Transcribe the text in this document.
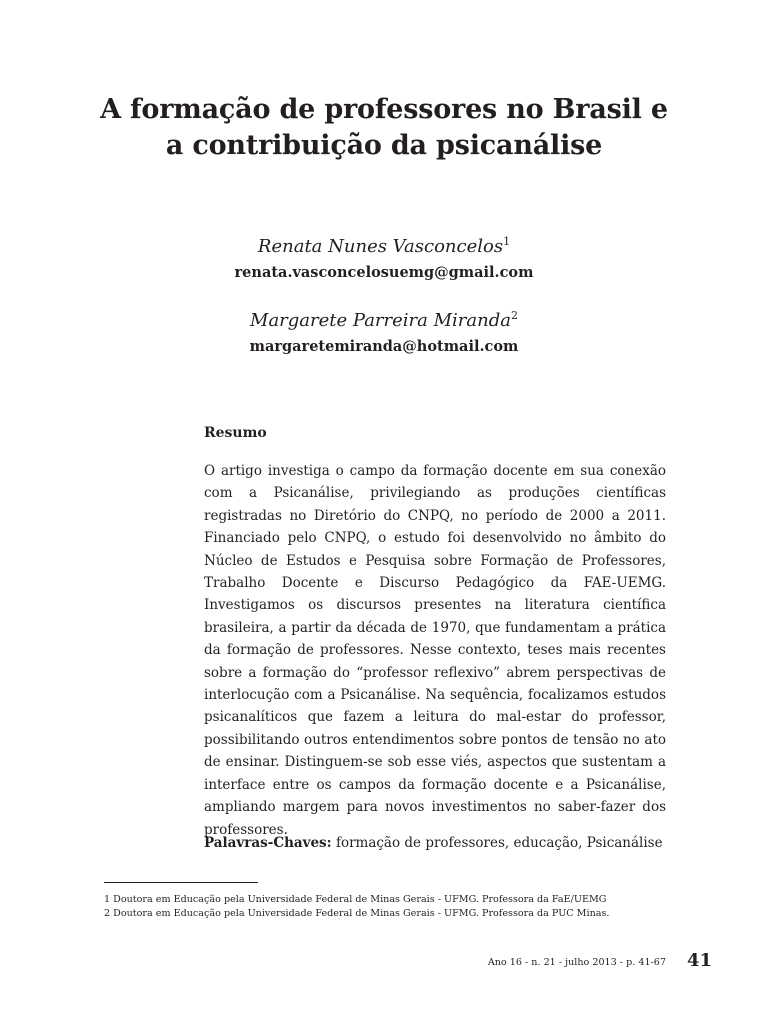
A formação de professores no Brasil e
a contribuição da psicanálise
Renata Nunes Vasconcelos$^1$
renata.vasconcelosuemg@gmail.com
Margarete Parreira Miranda$^2$
margaretemiranda@hotmail.com
Resumo

O artigo investiga o campo da formação docente em sua conexão com a Psicanálise, privilegiando as produções científicas registradas no Diretório do CNPQ, no período de 2000 a 2011. Financiado pelo CNPQ, o estudo foi desenvolvido no âmbito do Núcleo de Estudos e Pesquisa sobre Formação de Professores, Trabalho Docente e Discurso Pedagógico da FAE-UEMG. Investigamos os discursos presentes na literatura científica brasileira, a partir da década de 1970, que fundamentam a prática da formação de professores. Nesse contexto, teses mais recentes sobre a formação do “professor reflexivo” abrem perspectivas de interlocução com a Psicanálise. Na sequência, focalizamos estudos psicanalíticos que fazem a leitura do mal-estar do professor, possibilitando outros entendimentos sobre pontos de tensão no ato de ensinar. Distinguem-se sob esse viés, aspectos que sustentam a interface entre os campos da formação docente e a Psicanálise, ampliando margem para novos investimentos no saber-fazer dos professores.

Palavras-Chaves: formação de professores, educação, Psicanálise
1 Doutora em Educação pela Universidade Federal de Minas Gerais - UFMG. Professora da FaE/UEMG
2 Doutora em Educação pela Universidade Federal de Minas Gerais - UFMG. Professora da PUC Minas.
Ano 16 - n. 21 - julho 2013 - p. 41-67	41
